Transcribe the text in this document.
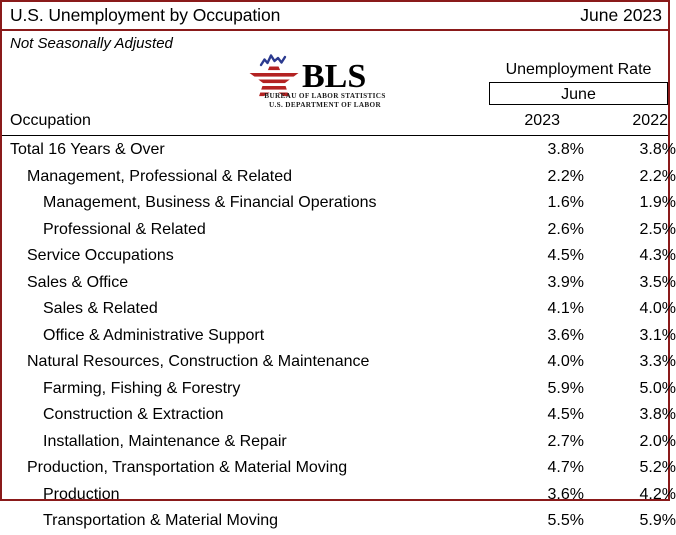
U.S. Unemployment by Occupation	June 2023
Not Seasonally Adjusted
BLS
BUREAU OF LABOR STATISTICS
U.S. DEPARTMENT OF LABOR
Unemployment Rate
June
Occupation	2023	2022
Total 16 Years & Over	3.8%	3.8%
Management, Professional & Related	2.2%	2.2%
Management, Business & Financial Operations	1.6%	1.9%
Professional & Related	2.6%	2.5%
Service Occupations	4.5%	4.3%
Sales & Office	3.9%	3.5%
Sales & Related	4.1%	4.0%
Office & Administrative Support	3.6%	3.1%
Natural Resources, Construction & Maintenance	4.0%	3.3%
Farming, Fishing & Forestry	5.9%	5.0%
Construction & Extraction	4.5%	3.8%
Installation, Maintenance & Repair	2.7%	2.0%
Production, Transportation & Material Moving	4.7%	5.2%
Production	3.6%	4.2%
Transportation & Material Moving	5.5%	5.9%
